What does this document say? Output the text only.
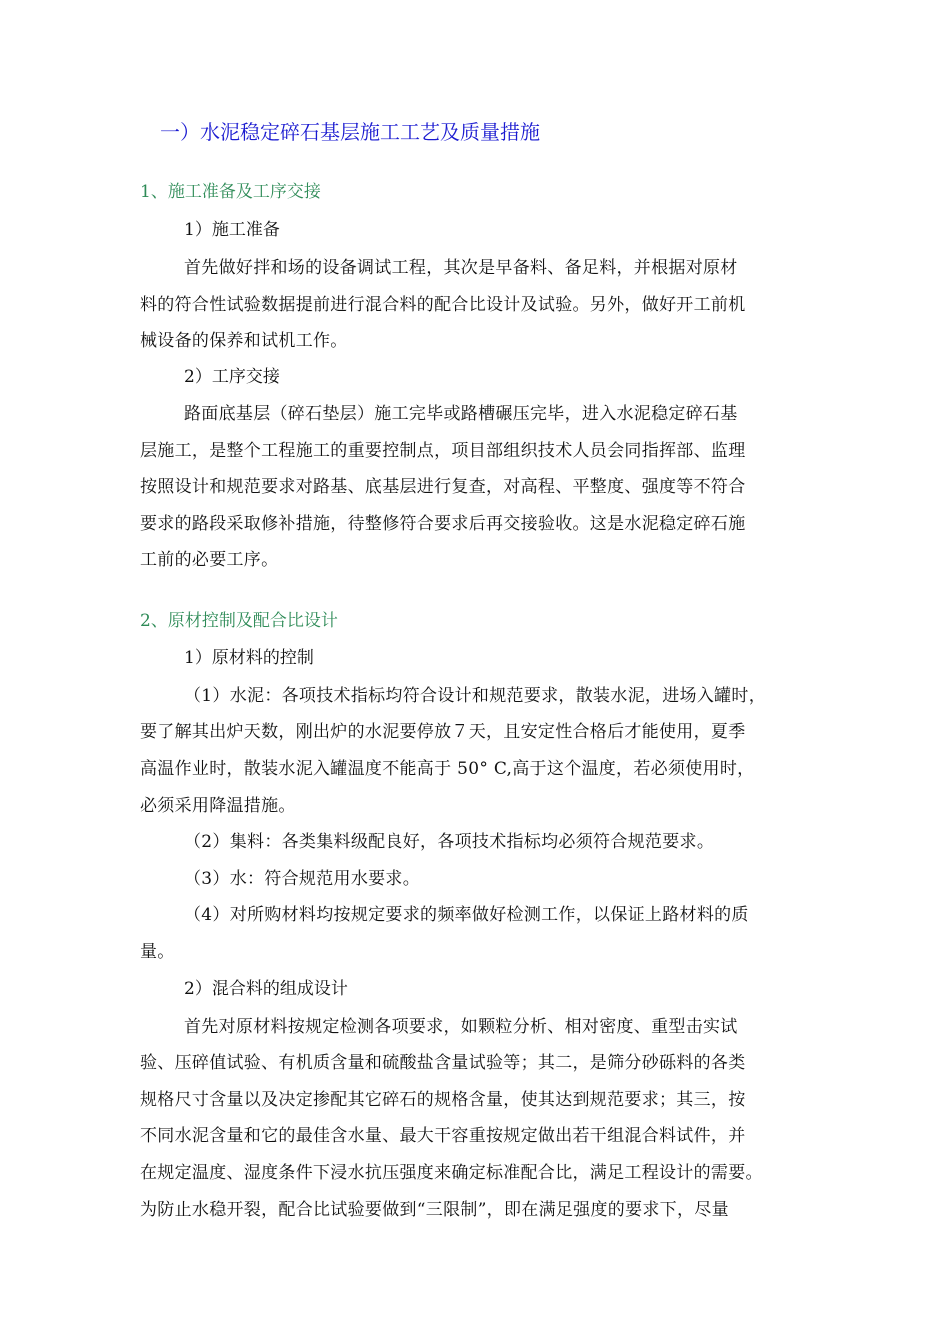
一）水泥稳定碎石基层施工工艺及质量措施
1、施工准备及工序交接
1）施工准备
首先做好拌和场的设备调试工程，其次是早备料、备足料，并根据对原材
料的符合性试验数据提前进行混合料的配合比设计及试验。另外，做好开工前机
械设备的保养和试机工作。
2）工序交接
路面底基层（碎石垫层）施工完毕或路槽碾压完毕，进入水泥稳定碎石基
层施工，是整个工程施工的重要控制点，项目部组织技术人员会同指挥部、监理
按照设计和规范要求对路基、底基层进行复查，对高程、平整度、强度等不符合
要求的路段采取修补措施，待整修符合要求后再交接验收。这是水泥稳定碎石施
工前的必要工序。
2、原材控制及配合比设计
1）原材料的控制
（1）水泥：各项技术指标均符合设计和规范要求，散装水泥，进场入罐时，
要了解其出炉天数，刚出炉的水泥要停放７天，且安定性合格后才能使用，夏季
高温作业时，散装水泥入罐温度不能高于 50° C,高于这个温度，若必须使用时，
必须采用降温措施。
（2）集料：各类集料级配良好，各项技术指标均必须符合规范要求。
（3）水：符合规范用水要求。
（4）对所购材料均按规定要求的频率做好检测工作，以保证上路材料的质
量。
2）混合料的组成设计
首先对原材料按规定检测各项要求，如颗粒分析、相对密度、重型击实试
验、压碎值试验、有机质含量和硫酸盐含量试验等；其二，是筛分砂砾料的各类
规格尺寸含量以及决定掺配其它碎石的规格含量，使其达到规范要求；其三，按
不同水泥含量和它的最佳含水量、最大干容重按规定做出若干组混合料试件，并
在规定温度、湿度条件下浸水抗压强度来确定标准配合比，满足工程设计的需要。
为防止水稳开裂，配合比试验要做到“三限制”，即在满足强度的要求下，尽量
